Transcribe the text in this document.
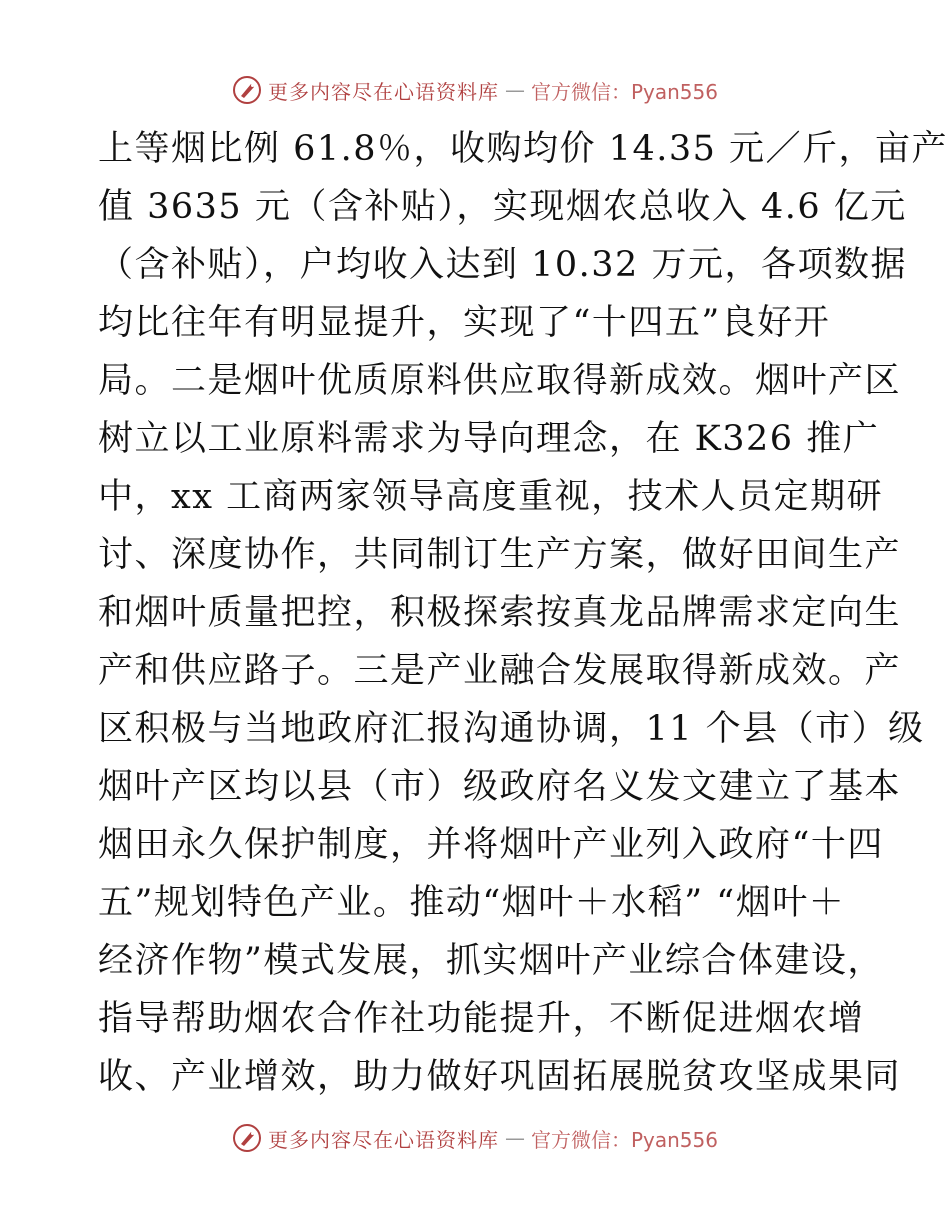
更多内容尽在心语资料库 — 官方微信：Pyan556
上等烟比例 61.8％，收购均价 14.35 元／斤，亩产
值 3635 元（含补贴），实现烟农总收入 4.6 亿元
（含补贴），户均收入达到 10.32 万元，各项数据
均比往年有明显提升，实现了“十四五”良好开
局。二是烟叶优质原料供应取得新成效。烟叶产区
树立以工业原料需求为导向理念，在 K326 推广
中，xx 工商两家领导高度重视，技术人员定期研
讨、深度协作，共同制订生产方案，做好田间生产
和烟叶质量把控，积极探索按真龙品牌需求定向生
产和供应路子。三是产业融合发展取得新成效。产
区积极与当地政府汇报沟通协调，11 个县（市）级
烟叶产区均以县（市）级政府名义发文建立了基本
烟田永久保护制度，并将烟叶产业列入政府“十四
五”规划特色产业。推动“烟叶＋水稻” “烟叶＋
经济作物”模式发展，抓实烟叶产业综合体建设，
指导帮助烟农合作社功能提升，不断促进烟农增
收、产业增效，助力做好巩固拓展脱贫攻坚成果同
更多内容尽在心语资料库 — 官方微信：Pyan556
